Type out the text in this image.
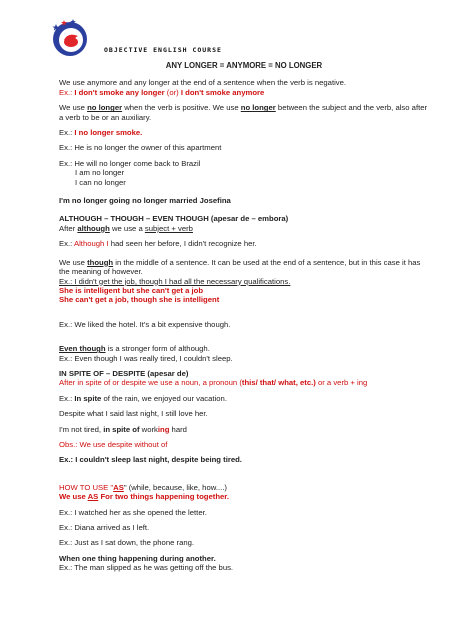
OBJECTIVE ENGLISH COURSE
ANY LONGER = ANYMORE = NO LONGER

We use anymore and any longer at the end of a sentence when the verb is negative.

Ex.: I don't smoke any longer (or) I don't smoke anymore

We use no longer when the verb is positive. We use no longer between the subject and the verb, also after a verb to be or an auxiliary.

Ex.: I no longer smoke.

Ex.: He is no longer the owner of this apartment

Ex.: He will no longer come back to Brazil

I am no longer

I can no longer

I'm no longer going no longer married Josefina

ALTHOUGH – THOUGH – EVEN THOUGH (apesar de – embora)

After although we use a subject + verb

Ex.: Although I had seen her before, I didn't recognize her.

We use though in the middle of a sentence. It can be used at the end of a sentence, but in this case it has the meaning of however.

Ex.: I didn't get the job, though I had all the necessary qualifications.

She is intelligent but she can't get a job

She can't get a job, though she is intelligent

Ex.: We liked the hotel. It's a bit expensive though.

Even though is a stronger form of although.

Ex.: Even though I was really tired, I couldn't sleep.

IN SPITE OF – DESPITE (apesar de)

After in spite of or despite we use a noun, a pronoun (this/ that/ what, etc.) or a verb + ing

Ex.: In spite of the rain, we enjoyed our vacation.

Despite what I said last night, I still love her.

I'm not tired, in spite of working hard

Obs.: We use despite without of

Ex.: I couldn't sleep last night, despite being tired.

HOW TO USE "AS" (while, because, like, how....)

We use AS For two things happening together.

Ex.: I watched her as she opened the letter.

Ex.: Diana arrived as I left.

Ex.: Just as I sat down, the phone rang.

When one thing happening during another.

Ex.: The man slipped as he was getting off the bus.
